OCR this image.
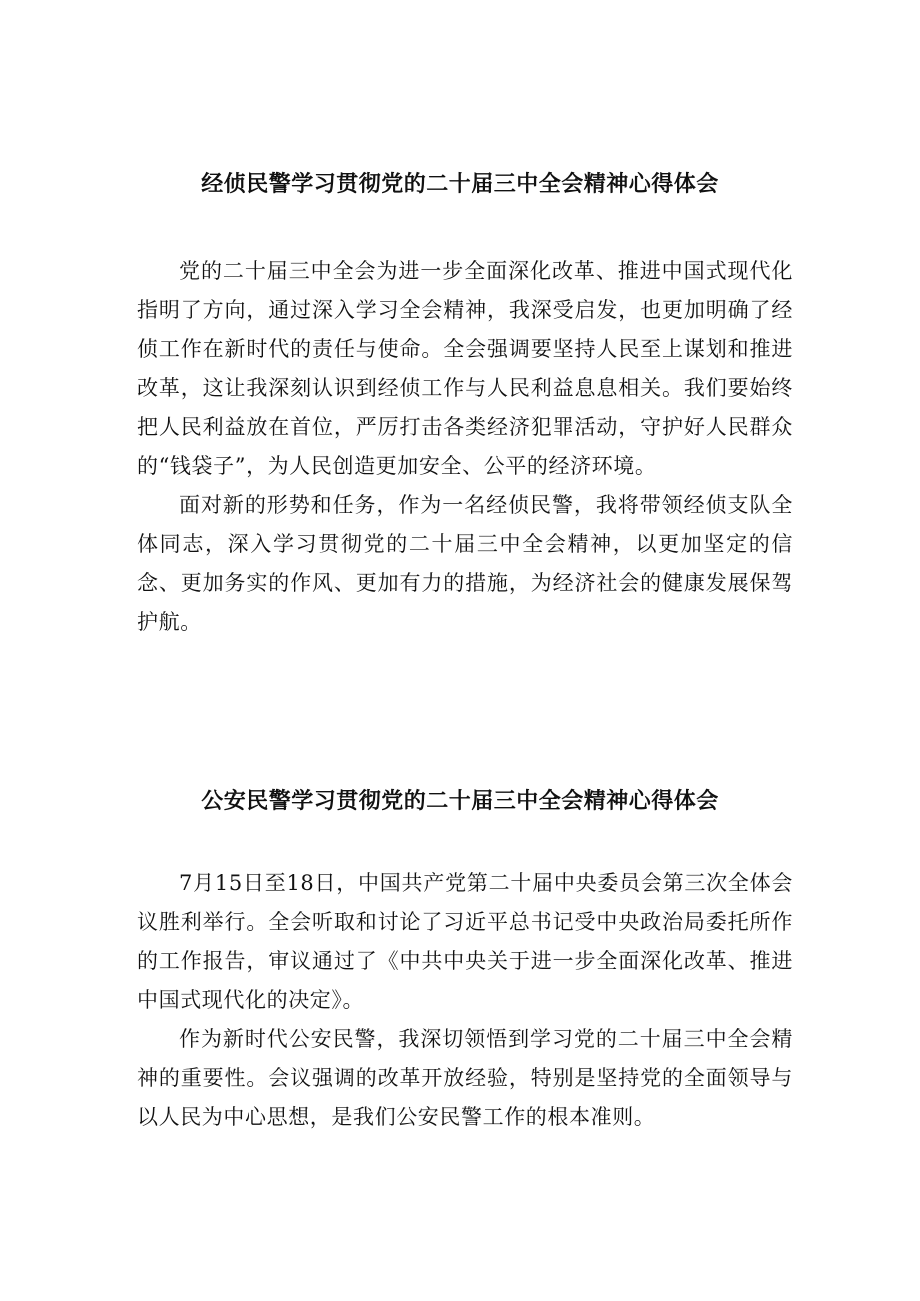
经侦民警学习贯彻党的二十届三中全会精神心得体会

党的二十届三中全会为进一步全面深化改革、推进中国式现代化指明了方向，通过深入学习全会精神，我深受启发，也更加明确了经侦工作在新时代的责任与使命。全会强调要坚持人民至上谋划和推进改革，这让我深刻认识到经侦工作与人民利益息息相关。我们要始终把人民利益放在首位，严厉打击各类经济犯罪活动，守护好人民群众的“钱袋子”，为人民创造更加安全、公平的经济环境。

面对新的形势和任务，作为一名经侦民警，我将带领经侦支队全体同志，深入学习贯彻党的二十届三中全会精神，以更加坚定的信念、更加务实的作风、更加有力的措施，为经济社会的健康发展保驾护航。

公安民警学习贯彻党的二十届三中全会精神心得体会

7月15日至18日，中国共产党第二十届中央委员会第三次全体会议胜利举行。全会听取和讨论了习近平总书记受中央政治局委托所作的工作报告，审议通过了《中共中央关于进一步全面深化改革、推进中国式现代化的决定》。

作为新时代公安民警，我深切领悟到学习党的二十届三中全会精神的重要性。会议强调的改革开放经验，特别是坚持党的全面领导与以人民为中心思想，是我们公安民警工作的根本准则。
